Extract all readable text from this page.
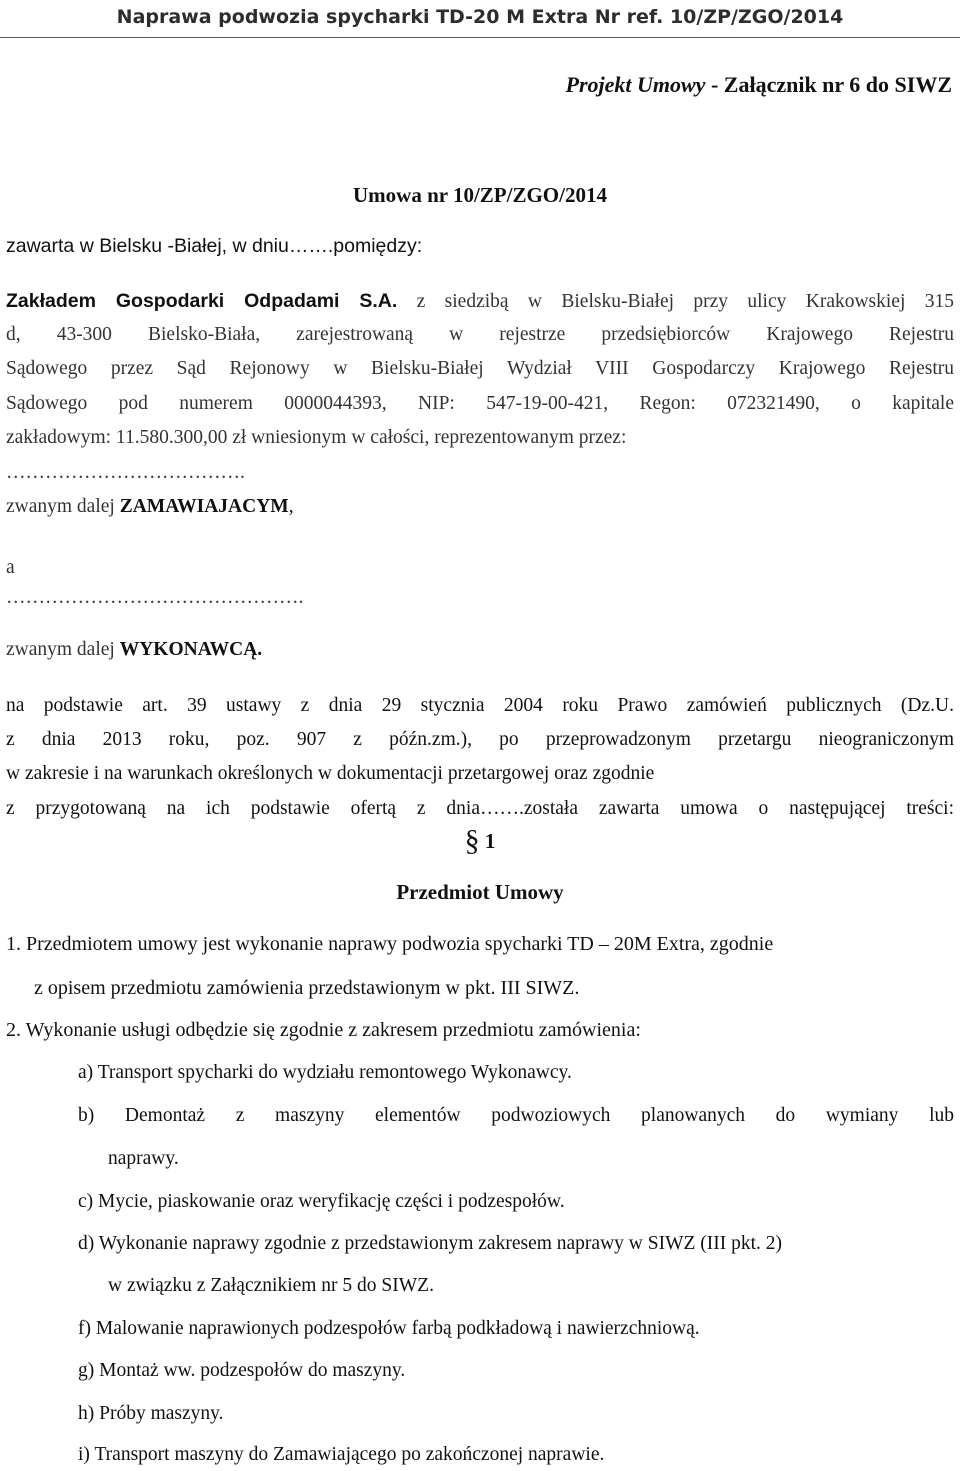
Naprawa podwozia spycharki TD-20 M Extra Nr ref. 10/ZP/ZGO/2014
Projekt Umowy - Załącznik nr 6 do SIWZ
Umowa nr 10/ZP/ZGO/2014
zawarta w Bielsku -Białej, w dniu…….pomiędzy:
Zakładem Gospodarki Odpadami S.A. z siedzibą w Bielsku-Białej przy ulicy Krakowskiej 315
d, 43-300 Bielsko-Biała, zarejestrowaną w rejestrze przedsiębiorców Krajowego Rejestru
Sądowego przez Sąd Rejonowy w Bielsku-Białej Wydział VIII Gospodarczy Krajowego Rejestru
Sądowego pod numerem 0000044393, NIP: 547-19-00-421, Regon: 072321490, o kapitale
zakładowym: 11.580.300,00 zł wniesionym w całości, reprezentowanym przez:
……………………………….
zwanym dalej ZAMAWIAJACYM,
a
……………………………………….
zwanym dalej WYKONAWCĄ.
na podstawie art. 39 ustawy z dnia 29 stycznia 2004 roku Prawo zamówień publicznych (Dz.U.
z dnia 2013 roku, poz. 907 z późn.zm.), po przeprowadzonym przetargu nieograniczonym
w zakresie i na warunkach określonych w dokumentacji przetargowej oraz zgodnie
z przygotowaną na ich podstawie ofertą z dnia…….została zawarta umowa o następującej treści:
§ 1
Przedmiot Umowy
1. Przedmiotem umowy jest wykonanie naprawy podwozia spycharki TD – 20M Extra, zgodnie
z opisem przedmiotu zamówienia przedstawionym w pkt. III SIWZ.
2. Wykonanie usługi odbędzie się zgodnie z zakresem przedmiotu zamówienia:
a) Transport spycharki do wydziału remontowego Wykonawcy.
b) Demontaż z maszyny elementów podwoziowych planowanych do wymiany lub
naprawy.
c) Mycie, piaskowanie oraz weryfikację części i podzespołów.
d) Wykonanie naprawy zgodnie z przedstawionym zakresem naprawy w SIWZ (III pkt. 2)
w związku z Załącznikiem nr 5 do SIWZ.
f) Malowanie naprawionych podzespołów farbą podkładową i nawierzchniową.
g) Montaż ww. podzespołów do maszyny.
h) Próby maszyny.
i) Transport maszyny do Zamawiającego po zakończonej naprawie.
